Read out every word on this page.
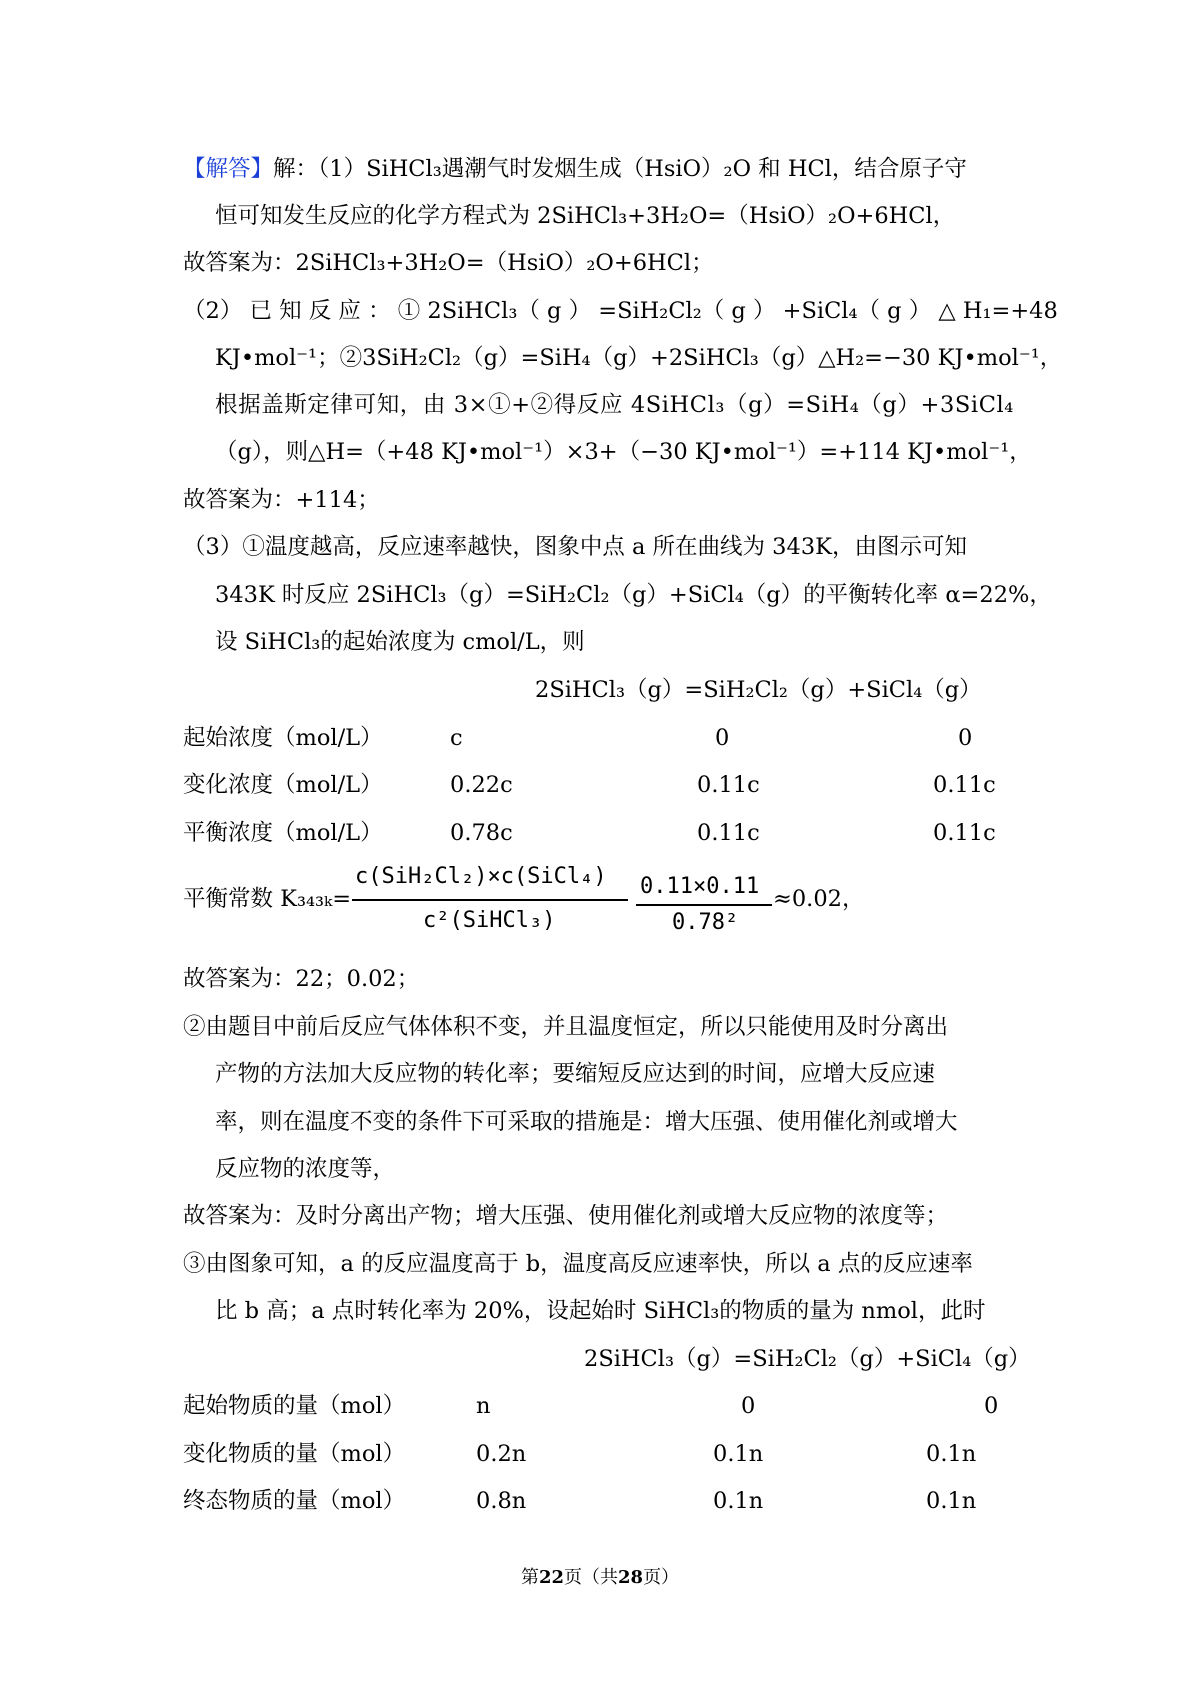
【解答】解：（1）SiHCl₃遇潮气时发烟生成（HsiO）₂O 和 HCl，结合原子守
恒可知发生反应的化学方程式为 2SiHCl₃+3H₂O=（HsiO）₂O+6HCl，
故答案为：2SiHCl₃+3H₂O=（HsiO）₂O+6HCl；
（2） 已 知 反 应 ： ① 2SiHCl₃（ g ） =SiH₂Cl₂（ g ） +SiCl₄（ g ） △ H₁=+48
KJ•mol⁻¹；②3SiH₂Cl₂（g）=SiH₄（g）+2SiHCl₃（g）△H₂=−30 KJ•mol⁻¹，
根据盖斯定律可知，由 3×①+②得反应 4SiHCl₃（g）=SiH₄（g）+3SiCl₄
（g），则△H=（+48 KJ•mol⁻¹）×3+（−30 KJ•mol⁻¹）=+114 KJ•mol⁻¹，
故答案为：+114；
（3）①温度越高，反应速率越快，图象中点 a 所在曲线为 343K，由图示可知
343K 时反应 2SiHCl₃（g）=SiH₂Cl₂（g）+SiCl₄（g）的平衡转化率 α=22%，
设 SiHCl₃的起始浓度为 cmol/L，则
2SiHCl₃（g）=SiH₂Cl₂（g）+SiCl₄（g）
起始浓度（mol/L）	c	0	0
变化浓度（mol/L）	0.22c	0.11c	0.11c
平衡浓度（mol/L）	0.78c	0.11c	0.11c
平衡常数 K₃₄₃ₖ=
c(SiH₂Cl₂)×c(SiCl₄)
c²(SiHCl₃)
0.11×0.11
0.78²
≈0.02，
故答案为：22；0.02；
②由题目中前后反应气体体积不变，并且温度恒定，所以只能使用及时分离出
产物的方法加大反应物的转化率；要缩短反应达到的时间，应增大反应速
率，则在温度不变的条件下可采取的措施是：增大压强、使用催化剂或增大
反应物的浓度等，
故答案为：及时分离出产物；增大压强、使用催化剂或增大反应物的浓度等；
③由图象可知，a 的反应温度高于 b，温度高反应速率快，所以 a 点的反应速率
比 b 高；a 点时转化率为 20%，设起始时 SiHCl₃的物质的量为 nmol，此时
2SiHCl₃（g）=SiH₂Cl₂（g）+SiCl₄（g）
起始物质的量（mol）	n	0	0
变化物质的量（mol）	0.2n	0.1n	0.1n
终态物质的量（mol）	0.8n	0.1n	0.1n
第22页（共28页）
